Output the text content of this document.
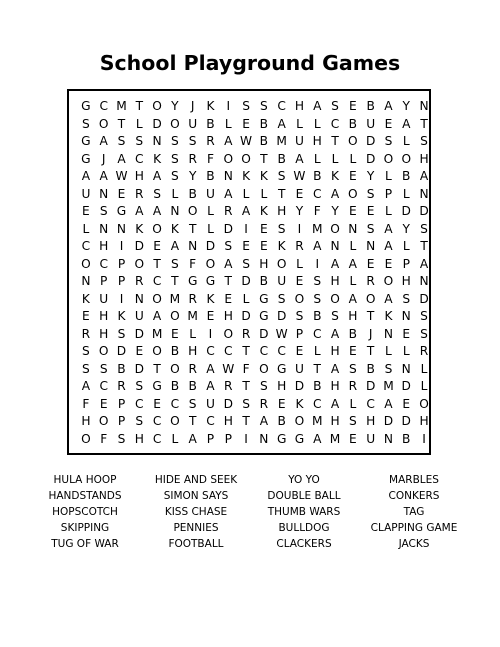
School Playground Games
G C M T O Y	J K I S S C H A S E B A Y N
S O T L D O U B L E B A L L C B U E A T
G A S S N S S R A W B M U H T O D S L S
G J A C K S R F O O T B A L L L D O O H
A A W H A S Y B N K K S W B K E Y L B A
U N E R S L B U A L L T E C A O S P L N
E S G A A N O L R A K H Y F Y E E L D D
L N N K O K T L D I E S I M O N S A Y S
C H I D E A N D S E E K R A N L N A L T
O C P O T S F O A S H O L	I A A E E P A
N P P R C T G G T D B U E S H L R O H N
K U I N O M R K E L G S O S O A O A S D
E H K U A O M E H D G D S B S H T K N S
R H S D M E L	I O R D W P C A B J N E S
S O D E O B H C C T C C E L H E T L L R
S S B D T O R A W F O G U T A S B S N L
A C R S G B B A R T S H D B H R D M D L
F E P C E C S U D S R E K C A L C A E O
H O P S C O T C H T A B O M H S H D D H
O F S H C L A P P	I N G G A M E U N B I
HULA HOOP
HANDSTANDS
HOPSCOTCH
SKIPPING
TUG OF WAR
HIDE AND SEEK
SIMON SAYS
KISS CHASE
PENNIES
FOOTBALL
YO YO
DOUBLE BALL
THUMB WARS
BULLDOG
CLACKERS
MARBLES
CONKERS
TAG
CLAPPING GAME
JACKS
